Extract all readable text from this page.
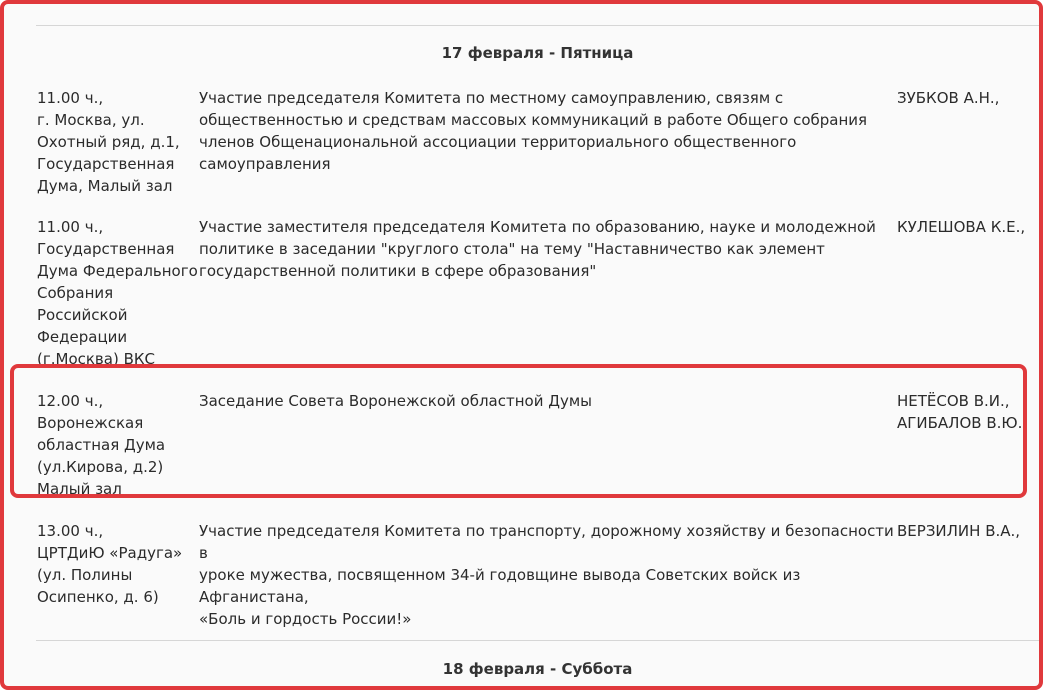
17 февраля - Пятница
11.00 ч.,
г. Москва, ул.
Охотный ряд, д.1,
Государственная
Дума, Малый зал
Участие председателя Комитета по местному самоуправлению, связям с
общественностью и средствам массовых коммуникаций в работе Общего собрания
членов Общенациональной ассоциации территориального общественного
самоуправления
ЗУБКОВ А.Н.,
11.00 ч.,
Государственная
Дума Федерального
Собрания
Российской
Федерации
(г.Москва) ВКС
Участие заместителя председателя Комитета по образованию, науке и молодежной
политике в заседании "круглого стола" на тему "Наставничество как элемент
государственной политики в сфере образования"
КУЛЕШОВА К.Е.,
12.00 ч.,
Воронежская
областная Дума
(ул.Кирова, д.2)
Малый зал
Заседание Совета Воронежской областной Думы	НЕТЁСОВ В.И.,
АГИБАЛОВ В.Ю.
13.00 ч.,
ЦРТДиЮ «Радуга»
(ул. Полины
Осипенко, д. 6)
Участие председателя Комитета по транспорту, дорожному хозяйству и безопасности в
уроке мужества, посвященном 34-й годовщине вывода Советских войск из Афганистана,
«Боль и гордость России!»
ВЕРЗИЛИН В.А.,
18 февраля - Суббота
